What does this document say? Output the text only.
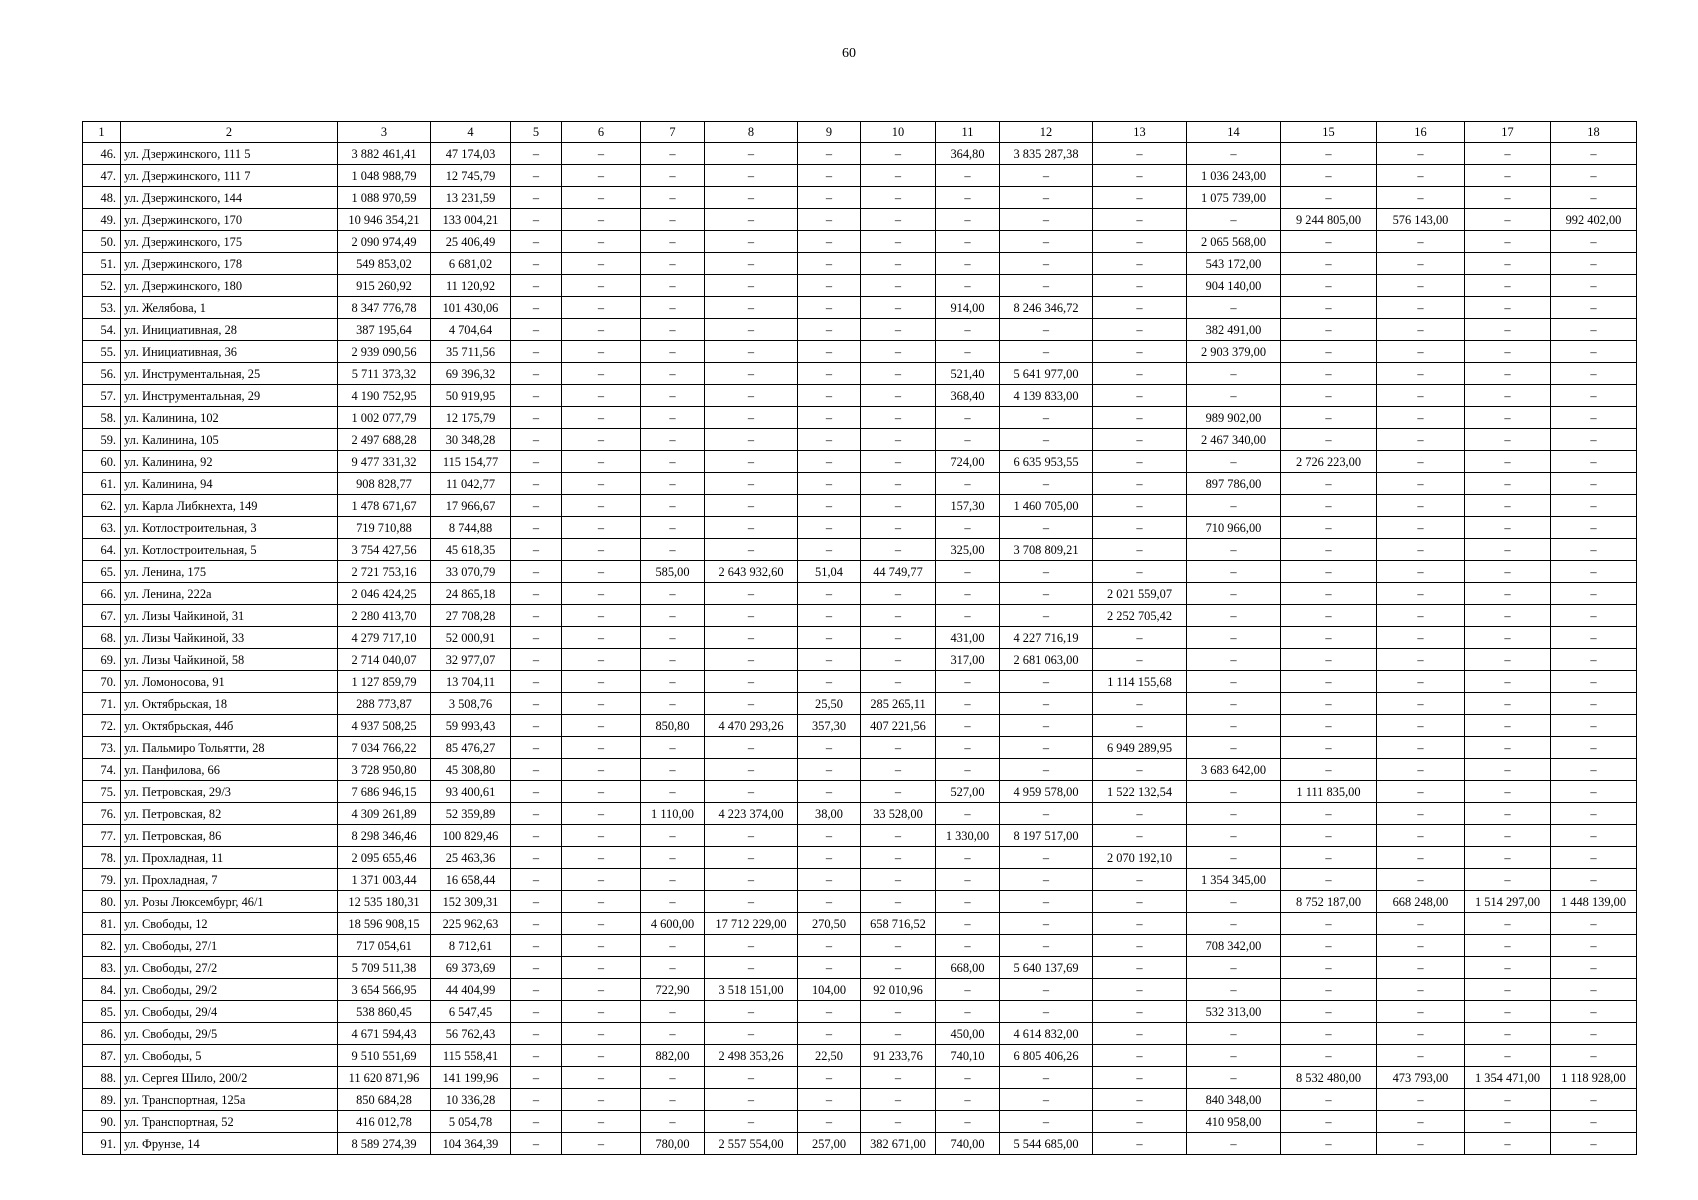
60
1	2	3	4	5	6	7	8	9	10	11	12	13	14	15	16	17	18
46.	ул. Дзержинского, 111 5	3 882 461,41	47 174,03	–	–	–	–	–	–	364,80	3 835 287,38	–	–	–	–	–	–
47.	ул. Дзержинского, 111 7	1 048 988,79	12 745,79	–	–	–	–	–	–	–	–	–	1 036 243,00	–	–	–	–
48.	ул. Дзержинского, 144	1 088 970,59	13 231,59	–	–	–	–	–	–	–	–	–	1 075 739,00	–	–	–	–
49.	ул. Дзержинского, 170	10 946 354,21	133 004,21	–	–	–	–	–	–	–	–	–	–	9 244 805,00	576 143,00	–	992 402,00
50.	ул. Дзержинского, 175	2 090 974,49	25 406,49	–	–	–	–	–	–	–	–	–	2 065 568,00	–	–	–	–
51.	ул. Дзержинского, 178	549 853,02	6 681,02	–	–	–	–	–	–	–	–	–	543 172,00	–	–	–	–
52.	ул. Дзержинского, 180	915 260,92	11 120,92	–	–	–	–	–	–	–	–	–	904 140,00	–	–	–	–
53.	ул. Желябова, 1	8 347 776,78	101 430,06	–	–	–	–	–	–	914,00	8 246 346,72	–	–	–	–	–	–
54.	ул. Инициативная, 28	387 195,64	4 704,64	–	–	–	–	–	–	–	–	–	382 491,00	–	–	–	–
55.	ул. Инициативная, 36	2 939 090,56	35 711,56	–	–	–	–	–	–	–	–	–	2 903 379,00	–	–	–	–
56.	ул. Инструментальная, 25	5 711 373,32	69 396,32	–	–	–	–	–	–	521,40	5 641 977,00	–	–	–	–	–	–
57.	ул. Инструментальная, 29	4 190 752,95	50 919,95	–	–	–	–	–	–	368,40	4 139 833,00	–	–	–	–	–	–
58.	ул. Калинина, 102	1 002 077,79	12 175,79	–	–	–	–	–	–	–	–	–	989 902,00	–	–	–	–
59.	ул. Калинина, 105	2 497 688,28	30 348,28	–	–	–	–	–	–	–	–	–	2 467 340,00	–	–	–	–
60.	ул. Калинина, 92	9 477 331,32	115 154,77	–	–	–	–	–	–	724,00	6 635 953,55	–	–	2 726 223,00	–	–	–
61.	ул. Калинина, 94	908 828,77	11 042,77	–	–	–	–	–	–	–	–	–	897 786,00	–	–	–	–
62.	ул. Карла Либкнехта, 149	1 478 671,67	17 966,67	–	–	–	–	–	–	157,30	1 460 705,00	–	–	–	–	–	–
63.	ул. Котлостроительная, 3	719 710,88	8 744,88	–	–	–	–	–	–	–	–	–	710 966,00	–	–	–	–
64.	ул. Котлостроительная, 5	3 754 427,56	45 618,35	–	–	–	–	–	–	325,00	3 708 809,21	–	–	–	–	–	–
65.	ул. Ленина, 175	2 721 753,16	33 070,79	–	–	585,00	2 643 932,60	51,04	44 749,77	–	–	–	–	–	–	–	–
66.	ул. Ленина, 222а	2 046 424,25	24 865,18	–	–	–	–	–	–	–	–	2 021 559,07	–	–	–	–	–
67.	ул. Лизы Чайкиной, 31	2 280 413,70	27 708,28	–	–	–	–	–	–	–	–	2 252 705,42	–	–	–	–	–
68.	ул. Лизы Чайкиной, 33	4 279 717,10	52 000,91	–	–	–	–	–	–	431,00	4 227 716,19	–	–	–	–	–	–
69.	ул. Лизы Чайкиной, 58	2 714 040,07	32 977,07	–	–	–	–	–	–	317,00	2 681 063,00	–	–	–	–	–	–
70.	ул. Ломоносова, 91	1 127 859,79	13 704,11	–	–	–	–	–	–	–	–	1 114 155,68	–	–	–	–	–
71.	ул. Октябрьская, 18	288 773,87	3 508,76	–	–	–	–	25,50	285 265,11	–	–	–	–	–	–	–	–
72.	ул. Октябрьская, 44б	4 937 508,25	59 993,43	–	–	850,80	4 470 293,26	357,30	407 221,56	–	–	–	–	–	–	–	–
73.	ул. Пальмиро Тольятти, 28	7 034 766,22	85 476,27	–	–	–	–	–	–	–	–	6 949 289,95	–	–	–	–	–
74.	ул. Панфилова, 66	3 728 950,80	45 308,80	–	–	–	–	–	–	–	–	–	3 683 642,00	–	–	–	–
75.	ул. Петровская, 29/3	7 686 946,15	93 400,61	–	–	–	–	–	–	527,00	4 959 578,00	1 522 132,54	–	1 111 835,00	–	–	–
76.	ул. Петровская, 82	4 309 261,89	52 359,89	–	–	1 110,00	4 223 374,00	38,00	33 528,00	–	–	–	–	–	–	–	–
77.	ул. Петровская, 86	8 298 346,46	100 829,46	–	–	–	–	–	–	1 330,00	8 197 517,00	–	–	–	–	–	–
78.	ул. Прохладная, 11	2 095 655,46	25 463,36	–	–	–	–	–	–	–	–	2 070 192,10	–	–	–	–	–
79.	ул. Прохладная, 7	1 371 003,44	16 658,44	–	–	–	–	–	–	–	–	–	1 354 345,00	–	–	–	–
80.	ул. Розы Люксембург, 46/1	12 535 180,31	152 309,31	–	–	–	–	–	–	–	–	–	–	8 752 187,00	668 248,00	1 514 297,00	1 448 139,00
81.	ул. Свободы, 12	18 596 908,15	225 962,63	–	–	4 600,00	17 712 229,00	270,50	658 716,52	–	–	–	–	–	–	–	–
82.	ул. Свободы, 27/1	717 054,61	8 712,61	–	–	–	–	–	–	–	–	–	708 342,00	–	–	–	–
83.	ул. Свободы, 27/2	5 709 511,38	69 373,69	–	–	–	–	–	–	668,00	5 640 137,69	–	–	–	–	–	–
84.	ул. Свободы, 29/2	3 654 566,95	44 404,99	–	–	722,90	3 518 151,00	104,00	92 010,96	–	–	–	–	–	–	–	–
85.	ул. Свободы, 29/4	538 860,45	6 547,45	–	–	–	–	–	–	–	–	–	532 313,00	–	–	–	–
86.	ул. Свободы, 29/5	4 671 594,43	56 762,43	–	–	–	–	–	–	450,00	4 614 832,00	–	–	–	–	–	–
87.	ул. Свободы, 5	9 510 551,69	115 558,41	–	–	882,00	2 498 353,26	22,50	91 233,76	740,10	6 805 406,26	–	–	–	–	–	–
88.	ул. Сергея Шило, 200/2	11 620 871,96	141 199,96	–	–	–	–	–	–	–	–	–	–	8 532 480,00	473 793,00	1 354 471,00	1 118 928,00
89.	ул. Транспортная, 125а	850 684,28	10 336,28	–	–	–	–	–	–	–	–	–	840 348,00	–	–	–	–
90.	ул. Транспортная, 52	416 012,78	5 054,78	–	–	–	–	–	–	–	–	–	410 958,00	–	–	–	–
91.	ул. Фрунзе, 14	8 589 274,39	104 364,39	–	–	780,00	2 557 554,00	257,00	382 671,00	740,00	5 544 685,00	–	–	–	–	–	–
